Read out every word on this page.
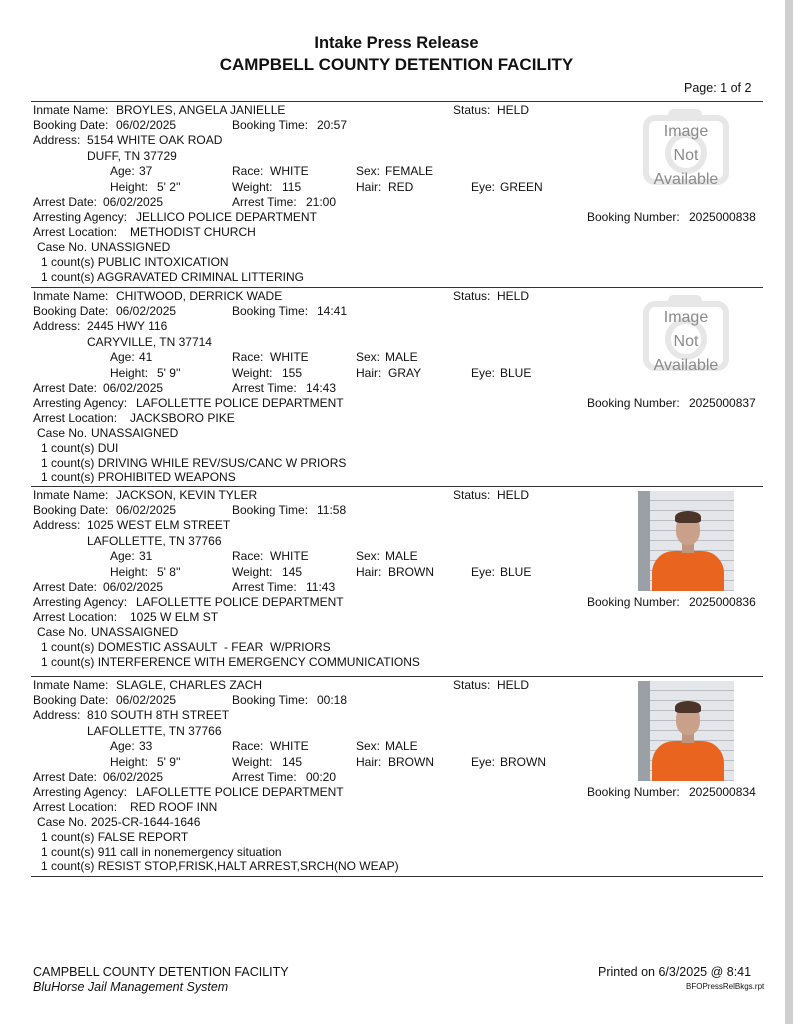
Intake Press Release
CAMPBELL COUNTY DETENTION FACILITY
Page: 1 of 2
Inmate Name: BROYLES, ANGELA JANIELLE	Status: HELD
Booking Date: 06/02/2025	Booking Time: 20:57
Address: 5154 WHITE OAK ROAD
DUFF, TN 37729
Age: 37	Race: WHITE	Sex: FEMALE
Height: 5' 2''	Weight: 115	Hair: RED	Eye: GREEN
Arrest Date: 06/02/2025	Arrest Time: 21:00
Arresting Agency: JELLICO POLICE DEPARTMENT	Booking Number: 2025000838
Arrest Location: METHODIST CHURCH
Case No. UNASSIGNED
1 count(s) PUBLIC INTOXICATION
1 count(s) AGGRAVATED CRIMINAL LITTERING
Image
Not
Available
Inmate Name: CHITWOOD, DERRICK WADE	Status: HELD
Booking Date: 06/02/2025	Booking Time: 14:41
Address: 2445 HWY 116
CARYVILLE, TN 37714
Age: 41	Race: WHITE	Sex: MALE
Height: 5' 9''	Weight: 155	Hair: GRAY	Eye: BLUE
Arrest Date: 06/02/2025	Arrest Time: 14:43
Arresting Agency: LAFOLLETTE POLICE DEPARTMENT	Booking Number: 2025000837
Arrest Location: JACKSBORO PIKE
Case No. UNASSAIGNED
1 count(s) DUI
1 count(s) DRIVING WHILE REV/SUS/CANC W PRIORS
1 count(s) PROHIBITED WEAPONS
Image
Not
Available
Inmate Name: JACKSON, KEVIN TYLER	Status: HELD
Booking Date: 06/02/2025	Booking Time: 11:58
Address: 1025 WEST ELM STREET
LAFOLLETTE, TN 37766
Age: 31	Race: WHITE	Sex: MALE
Height: 5' 8''	Weight: 145	Hair: BROWN	Eye: BLUE
Arrest Date: 06/02/2025	Arrest Time: 11:43
Arresting Agency: LAFOLLETTE POLICE DEPARTMENT	Booking Number: 2025000836
Arrest Location: 1025 W ELM ST
Case No. UNASSAIGNED
1 count(s) DOMESTIC ASSAULT  - FEAR  W/PRIORS
1 count(s) INTERFERENCE WITH EMERGENCY COMMUNICATIONS
Inmate Name: SLAGLE, CHARLES ZACH	Status: HELD
Booking Date: 06/02/2025	Booking Time: 00:18
Address: 810 SOUTH 8TH STREET
LAFOLLETTE, TN 37766
Age: 33	Race: WHITE	Sex: MALE
Height: 5' 9''	Weight: 145	Hair: BROWN	Eye: BROWN
Arrest Date: 06/02/2025	Arrest Time: 00:20
Arresting Agency: LAFOLLETTE POLICE DEPARTMENT	Booking Number: 2025000834
Arrest Location: RED ROOF INN
Case No. 2025-CR-1644-1646
1 count(s) FALSE REPORT
1 count(s) 911 call in nonemergency situation
1 count(s) RESIST STOP,FRISK,HALT ARREST,SRCH(NO WEAP)
CAMPBELL COUNTY DETENTION FACILITY
BluHorse Jail Management System
Printed on 6/3/2025 @ 8:41
BFOPressRelBkgs.rpt
